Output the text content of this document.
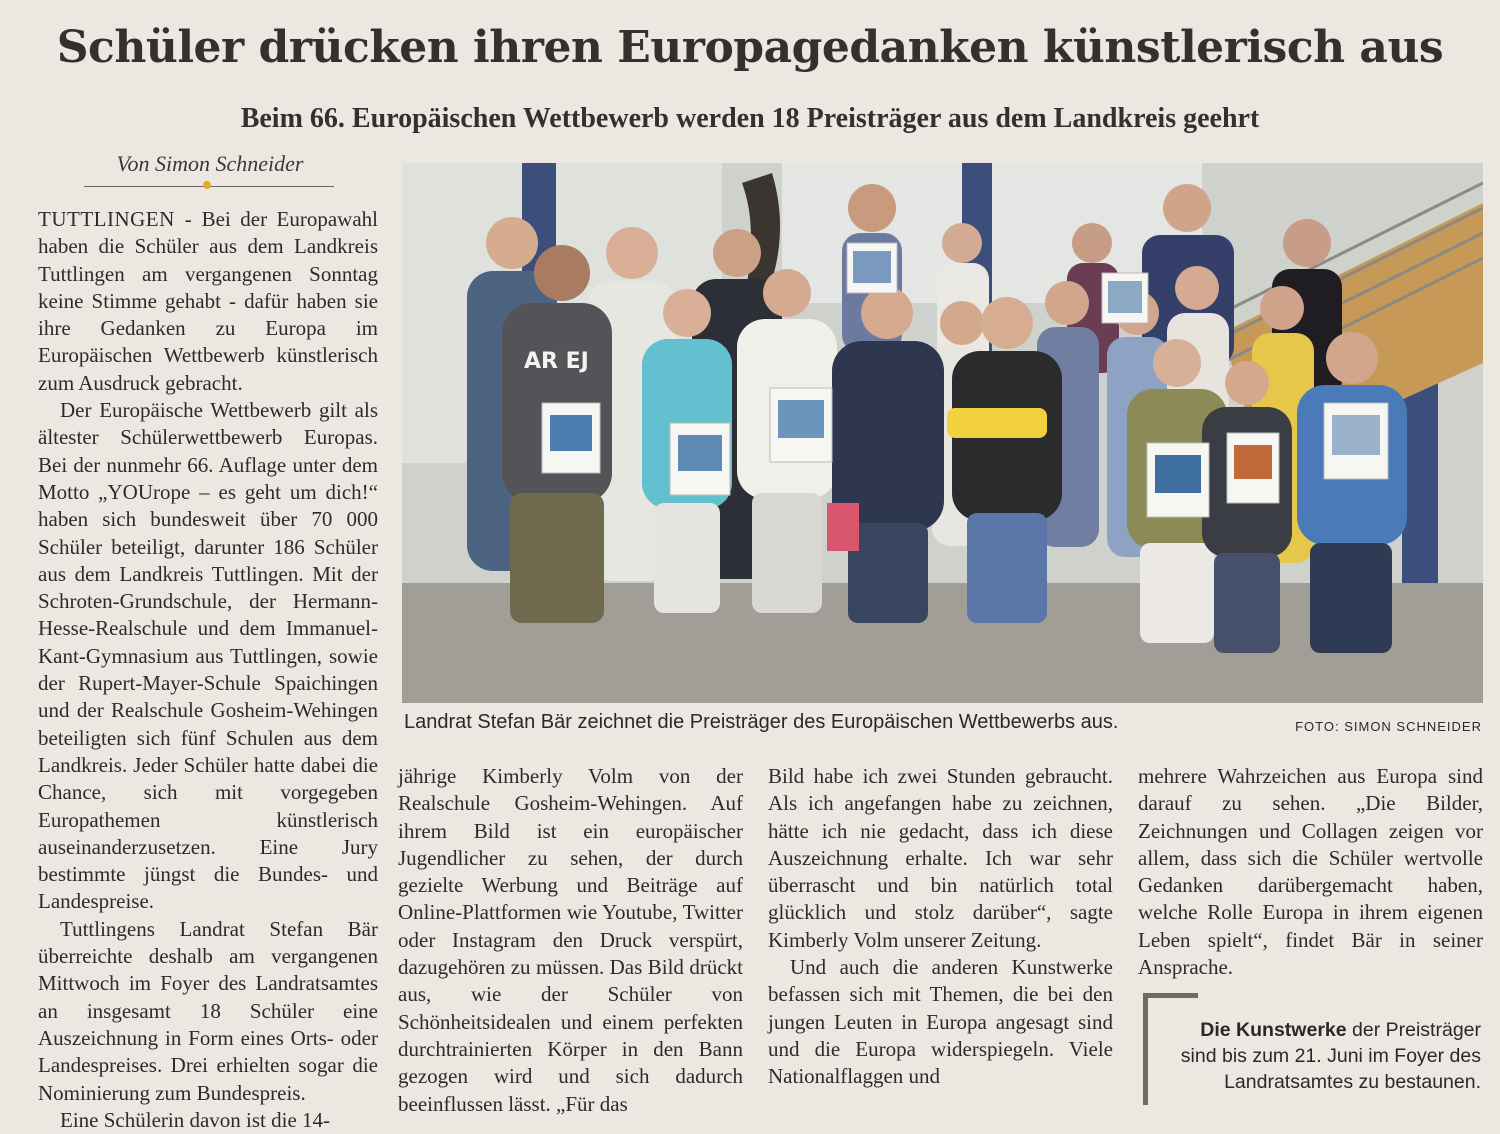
Schüler drücken ihren Europagedanken künstlerisch aus
Beim 66. Europäischen Wettbewerb werden 18 Preisträger aus dem Landkreis geehrt
Von Simon Schneider

TUTTLINGEN - Bei der Europawahl haben die Schüler aus dem Landkreis Tuttlingen am vergangenen Sonntag keine Stimme gehabt - dafür haben sie ihre Gedanken zu Europa im Europäischen Wettbewerb künstlerisch zum Ausdruck gebracht.

Der Europäische Wettbewerb gilt als ältester Schülerwettbewerb Europas. Bei der nunmehr 66. Auflage unter dem Motto „YOUrope – es geht um dich!“ haben sich bundesweit über 70 000 Schüler beteiligt, darunter 186 Schüler aus dem Landkreis Tuttlingen. Mit der Schroten-Grundschule, der Hermann-Hesse-Realschule und dem Immanuel-Kant-Gymnasium aus Tuttlingen, sowie der Rupert-Mayer-Schule Spaichingen und der Realschule Gosheim-Wehingen beteiligten sich fünf Schulen aus dem Landkreis. Jeder Schüler hatte dabei die Chance, sich mit vorgegeben Europathemen künstlerisch auseinanderzusetzen. Eine Jury bestimmte jüngst die Bundes- und Landespreise.

Tuttlingens Landrat Stefan Bär überreichte deshalb am vergangenen Mittwoch im Foyer des Landratsamtes an insgesamt 18 Schüler eine Auszeichnung in Form eines Orts- oder Landespreises. Drei erhielten sogar die Nominierung zum Bundespreis.

Eine Schülerin davon ist die 14-

AR EJ
Landrat Stefan Bär zeichnet die Preisträger des Europäischen Wettbewerbs aus.	FOTO: SIMON SCHNEIDER

jährige Kimberly Volm von der Realschule Gosheim-Wehingen. Auf ihrem Bild ist ein europäischer Jugendlicher zu sehen, der durch gezielte Werbung und Beiträge auf Online-Plattformen wie Youtube, Twitter oder Instagram den Druck verspürt, dazugehören zu müssen. Das Bild drückt aus, wie der Schüler von Schönheitsidealen und einem perfekten durchtrainierten Körper in den Bann gezogen wird und sich dadurch beeinflussen lässt. „Für das

Bild habe ich zwei Stunden gebraucht. Als ich angefangen habe zu zeichnen, hätte ich nie gedacht, dass ich diese Auszeichnung erhalte. Ich war sehr überrascht und bin natürlich total glücklich und stolz darüber“, sagte Kimberly Volm unserer Zeitung.

Und auch die anderen Kunstwerke befassen sich mit Themen, die bei den jungen Leuten in Europa angesagt sind und die Europa widerspiegeln. Viele Nationalflaggen und

mehrere Wahrzeichen aus Europa sind darauf zu sehen. „Die Bilder, Zeichnungen und Collagen zeigen vor allem, dass sich die Schüler wertvolle Gedanken darübergemacht haben, welche Rolle Europa in ihrem eigenen Leben spielt“, findet Bär in seiner Ansprache.

Die Kunstwerke der Preisträger sind bis zum 21. Juni im Foyer des Landratsamtes zu bestaunen.
